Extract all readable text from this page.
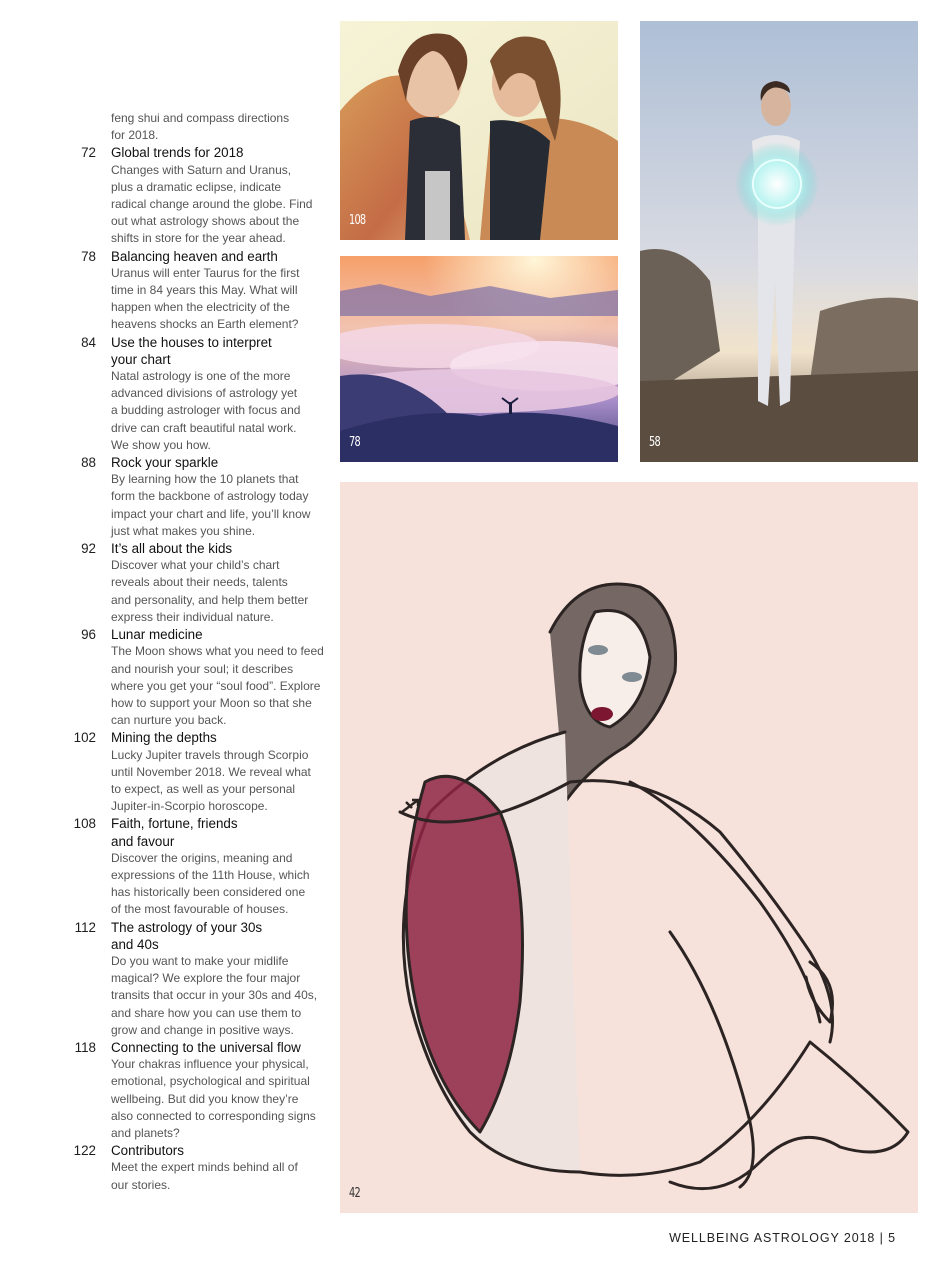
feng shui and compass directions
for 2018.
72 Global trends for 2018
Changes with Saturn and Uranus,
plus a dramatic eclipse, indicate
radical change around the globe. Find
out what astrology shows about the
shifts in store for the year ahead.
78 Balancing heaven and earth
Uranus will enter Taurus for the first
time in 84 years this May. What will
happen when the electricity of the
heavens shocks an Earth element?
84 Use the houses to interpret
your chart
Natal astrology is one of the more
advanced divisions of astrology yet
a budding astrologer with focus and
drive can craft beautiful natal work.
We show you how.
88 Rock your sparkle
By learning how the 10 planets that
form the backbone of astrology today
impact your chart and life, you’ll know
just what makes you shine.
92 It’s all about the kids
Discover what your child’s chart
reveals about their needs, talents
and personality, and help them better
express their individual nature.
96 Lunar medicine
The Moon shows what you need to feed
and nourish your soul; it describes
where you get your “soul food”. Explore
how to support your Moon so that she
can nurture you back.
102 Mining the depths
Lucky Jupiter travels through Scorpio
until November 2018. We reveal what
to expect, as well as your personal
Jupiter-in-Scorpio horoscope.
108 Faith, fortune, friends
and favour
Discover the origins, meaning and
expressions of the 11th House, which
has historically been considered one
of the most favourable of houses.
112 The astrology of your 30s
and 40s
Do you want to make your midlife
magical? We explore the four major
transits that occur in your 30s and 40s,
and share how you can use them to
grow and change in positive ways.
118 Connecting to the universal flow
Your chakras influence your physical,
emotional, psychological and spiritual
wellbeing. But did you know they’re
also connected to corresponding signs
and planets?
122 Contributors
Meet the expert minds behind all of
our stories.
108
78	58
42
WELLBEING ASTROLOGY 2018 | 5
